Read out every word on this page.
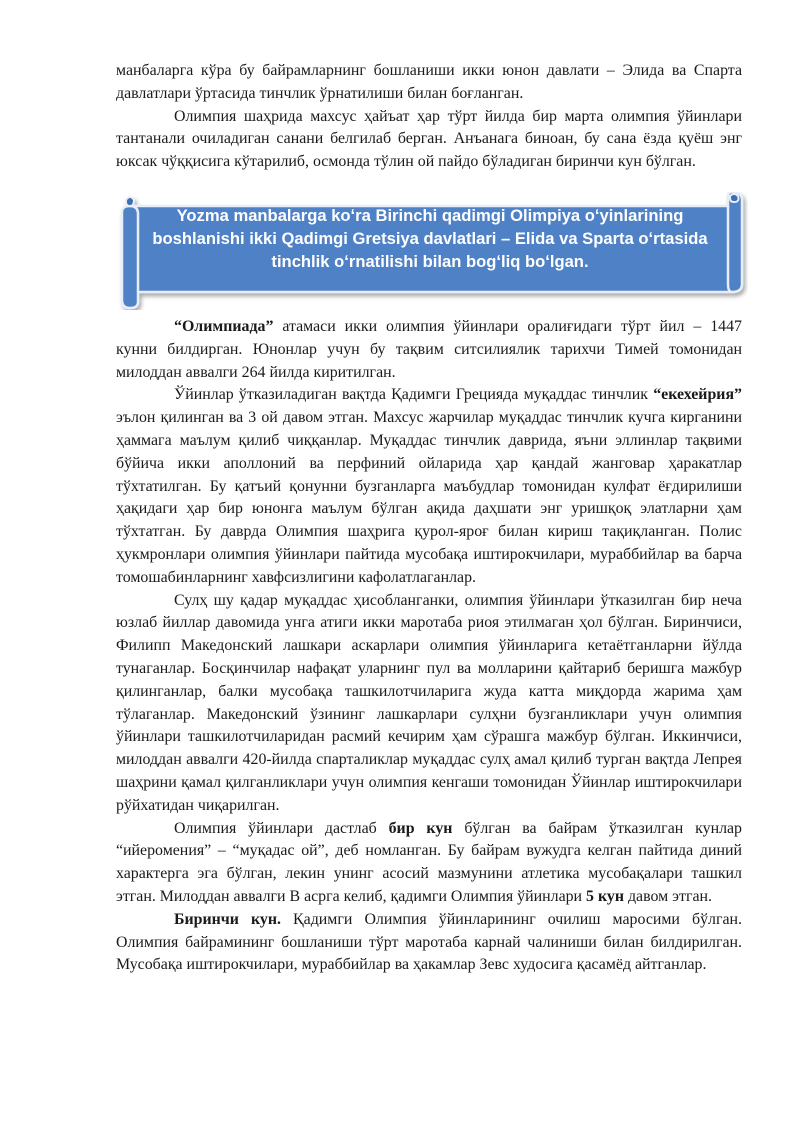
манбаларга кўра бу байрамларнинг бошланиши икки юнон давлати – Элида ва Спарта давлатлари ўртасида тинчлик ўрнатилиши билан боғланган.

Олимпия шаҳрида махсус ҳайъат ҳар тўрт йилда бир марта олимпия ўйинлари тантанали очиладиган санани белгилаб берган. Анъанага биноан, бу сана ёзда қуёш энг юксак чўққисига кўтарилиб, осмонда тўлин ой пайдо бўладиган биринчи кун бўлган.

Yozma manbalarga koʻra Birinchi qadimgi Olimpiya oʻyinlarining boshlanishi ikki Qadimgi Gretsiya davlatlari – Elida va Sparta oʻrtasida tinchlik oʻrnatilishi bilan bogʻliq boʻlgan.

“Олимпиада” атамаси икки олимпия ўйинлари оралиғидаги тўрт йил – 1447 кунни билдирган. Юнонлар учун бу тақвим ситсилиялик тарихчи Тимей томонидан милоддан аввалги 264 йилда киритилган.

Ўйинлар ўтказиладиган вақтда Қадимги Грецияда муқаддас тинчлик “екехейрия” эълон қилинган ва 3 ой давом этган. Махсус жарчилар муқаддас тинчлик кучга кирганини ҳаммага маълум қилиб чиққанлар. Муқаддас тинчлик даврида, яъни эллинлар тақвими бўйича икки аполлоний ва перфиний ойларида ҳар қандай жанговар ҳаракатлар тўхтатилган. Бу қатъий қонунни бузганларга маъбудлар томонидан кулфат ёғдирилиши ҳақидаги ҳар бир юнонга маълум бўлган ақида даҳшати энг уришқоқ элатларни ҳам тўхтатган. Бу даврда Олимпия шаҳрига қурол-яроғ билан кириш тақиқланган. Полис ҳукмронлари олимпия ўйинлари пайтида мусобақа иштирокчилари, мураббийлар ва барча томошабинларнинг хавфсизлигини кафолатлаганлар.

Сулҳ шу қадар муқаддас ҳисобланганки, олимпия ўйинлари ўтказилган бир неча юзлаб йиллар давомида унга атиги икки маротаба риоя этилмаган ҳол бўлган. Биринчиси, Филипп Македонский лашкари аскарлари олимпия ўйинларига кетаётганларни йўлда тунаганлар. Босқинчилар нафақат уларнинг пул ва молларини қайтариб беришга мажбур қилинганлар, балки мусобақа ташкилотчиларига жуда катта миқдорда жарима ҳам тўлаганлар. Македонский ўзининг лашкарлари сулҳни бузганликлари учун олимпия ўйинлари ташкилотчиларидан расмий кечирим ҳам сўрашга мажбур бўлган. Иккинчиси, милоддан аввалги 420-йилда спарталиклар муқаддас сулҳ амал қилиб турган вақтда Лепрея шаҳрини қамал қилганликлари учун олимпия кенгаши томонидан Ўйинлар иштирокчилари рўйхатидан чиқарилган.

Олимпия ўйинлари дастлаб бир кун бўлган ва байрам ўтказилган кунлар “ийеромения” – “муқадас ой”, деб номланган. Бу байрам вужудга келган пайтида диний характерга эга бўлган, лекин унинг асосий мазмунини атлетика мусобақалари ташкил этган. Милоддан аввалги В асрга келиб, қадимги Олимпия ўйинлари 5 кун давом этган.

Биринчи кун. Қадимги Олимпия ўйинларининг очилиш маросими бўлган. Олимпия байрамининг бошланиши тўрт маротаба карнай чалиниши билан билдирилган. Мусобақа иштирокчилари, мураббийлар ва ҳакамлар Зевс худосига қасамёд айтганлар.
